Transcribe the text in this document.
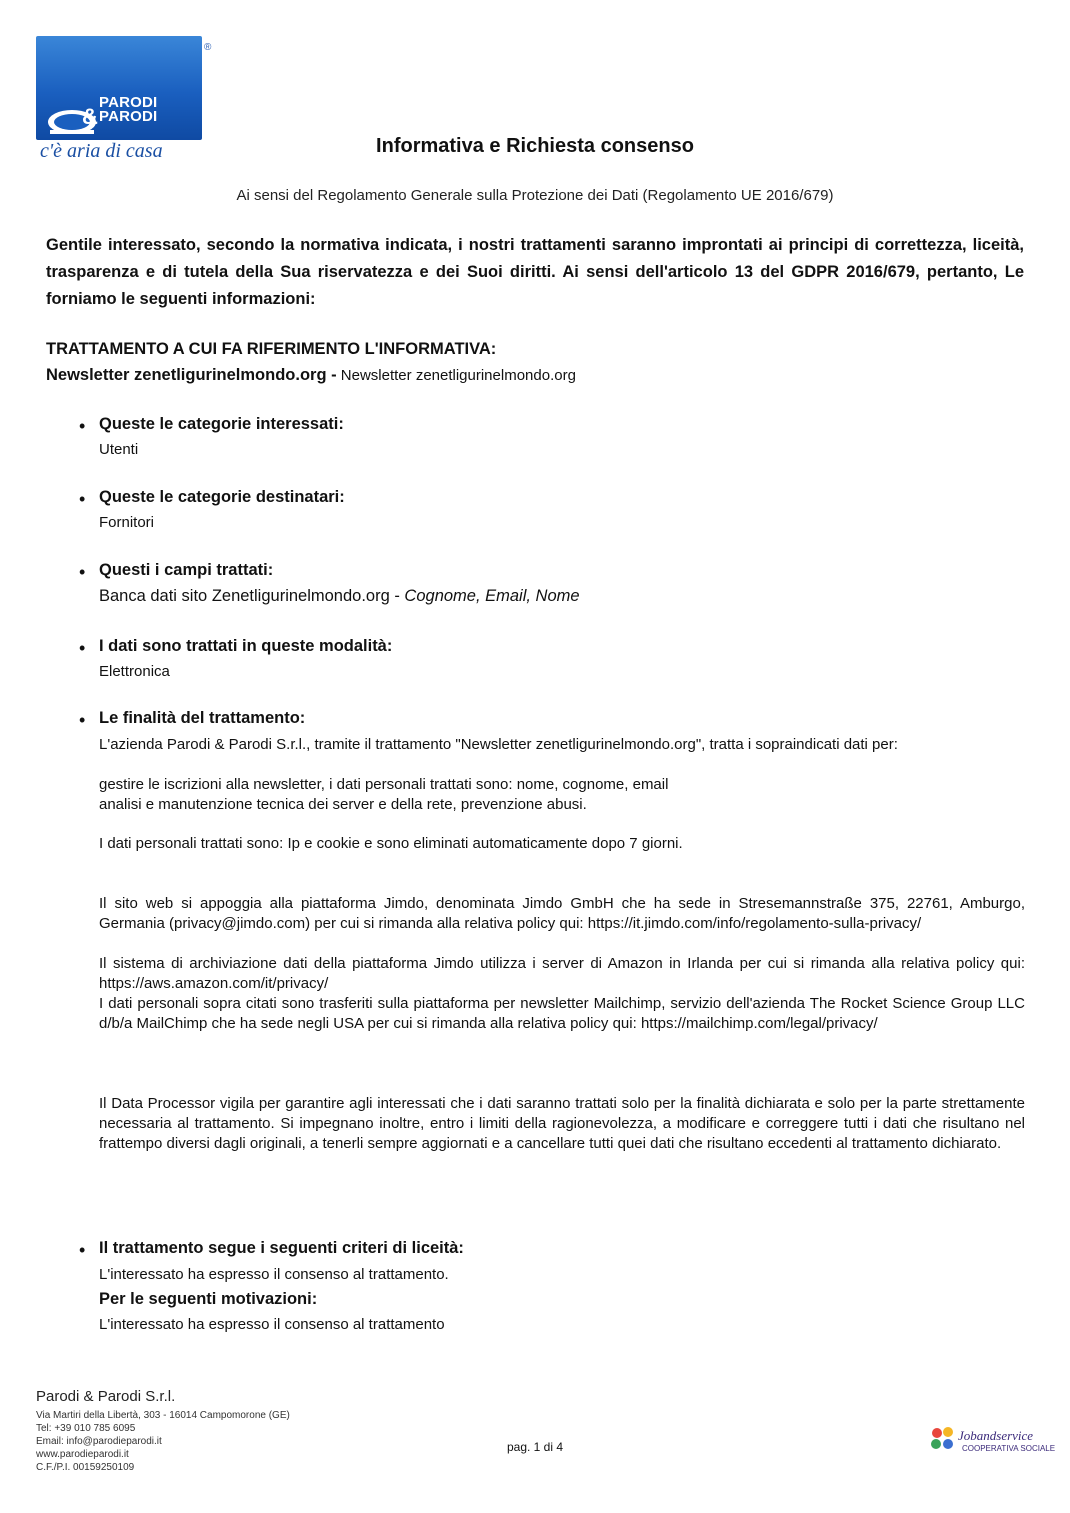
&
PARODI
PARODI
®
c'è aria di casa	Informativa e Richiesta consenso
Ai sensi del Regolamento Generale sulla Protezione dei Dati (Regolamento UE 2016/679)
Gentile interessato, secondo la normativa indicata, i nostri trattamenti saranno improntati ai principi di correttezza, liceità, trasparenza e di tutela della Sua riservatezza e dei Suoi diritti. Ai sensi dell'articolo 13 del GDPR 2016/679, pertanto, Le forniamo le seguenti informazioni:
TRATTAMENTO A CUI FA RIFERIMENTO L'INFORMATIVA:
Newsletter zenetligurinelmondo.org - Newsletter zenetligurinelmondo.org
• Queste le categorie interessati:
Utenti
• Queste le categorie destinatari:
Fornitori
• Questi i campi trattati:
Banca dati sito Zenetligurinelmondo.org - Cognome, Email, Nome
• I dati sono trattati in queste modalità:
Elettronica
• Le finalità del trattamento:
L'azienda Parodi & Parodi S.r.l., tramite il trattamento "Newsletter zenetligurinelmondo.org", tratta i sopraindicati dati per:
gestire le iscrizioni alla newsletter, i dati personali trattati sono: nome, cognome, email
analisi e manutenzione tecnica dei server e della rete, prevenzione abusi.
I dati personali trattati sono: Ip e cookie e sono eliminati automaticamente dopo 7 giorni.
Il sito web si appoggia alla piattaforma Jimdo, denominata Jimdo GmbH che ha sede in Stresemannstraße 375, 22761, Amburgo, Germania (privacy@jimdo.com) per cui si rimanda alla relativa policy qui: https://it.jimdo.com/info/regolamento-sulla-privacy/
Il sistema di archiviazione dati della piattaforma Jimdo utilizza i server di Amazon in Irlanda per cui si rimanda alla relativa policy qui: https://aws.amazon.com/it/privacy/
I dati personali sopra citati sono trasferiti sulla piattaforma per newsletter Mailchimp, servizio dell'azienda The Rocket Science Group LLC d/b/a MailChimp che ha sede negli USA per cui si rimanda alla relativa policy qui: https://mailchimp.com/legal/privacy/
Il Data Processor vigila per garantire agli interessati che i dati saranno trattati solo per la finalità dichiarata e solo per la parte strettamente necessaria al trattamento. Si impegnano inoltre, entro i limiti della ragionevolezza, a modificare e correggere tutti i dati che risultano nel frattempo diversi dagli originali, a tenerli sempre aggiornati e a cancellare tutti quei dati che risultano eccedenti al trattamento dichiarato.
• Il trattamento segue i seguenti criteri di liceità:
L'interessato ha espresso il consenso al trattamento.
Per le seguenti motivazioni:
L'interessato ha espresso il consenso al trattamento
Parodi & Parodi S.r.l.
Via Martiri della Libertà, 303 - 16014 Campomorone (GE)
Tel: +39 010 785 6095
Email: info@parodieparodi.it
www.parodieparodi.it
C.F./P.I. 00159250109
pag. 1 di 4
Jobandservice
COOPERATIVA SOCIALE
